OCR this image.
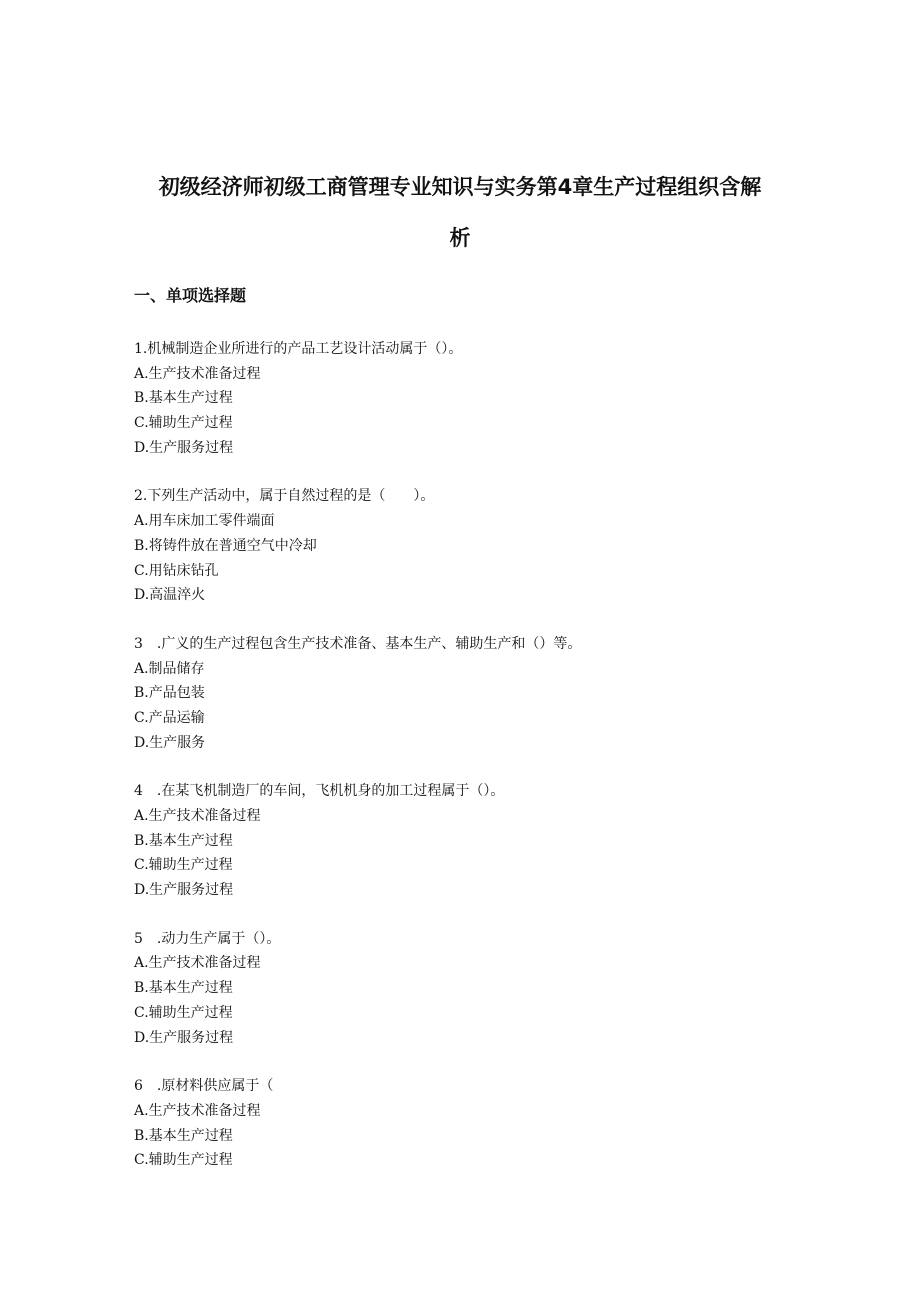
初级经济师初级工商管理专业知识与实务第4章生产过程组织含解
析
一、单项选择题
1.机械制造企业所进行的产品工艺设计活动属于（）。
A.生产技术准备过程
B.基本生产过程
C.辅助生产过程
D.生产服务过程
2.下列生产活动中，属于自然过程的是（　　）。
A.用车床加工零件端面
B.将铸件放在普通空气中冷却
C.用钻床钻孔
D.高温淬火
3　.广义的生产过程包含生产技术准备、基本生产、辅助生产和（）等。
A.制品储存
B.产品包装
C.产品运输
D.生产服务
4　.在某飞机制造厂的车间，飞机机身的加工过程属于（）。
A.生产技术准备过程
B.基本生产过程
C.辅助生产过程
D.生产服务过程
5　.动力生产属于（）。
A.生产技术准备过程
B.基本生产过程
C.辅助生产过程
D.生产服务过程
6　.原材料供应属于（
A.生产技术准备过程
B.基本生产过程
C.辅助生产过程
